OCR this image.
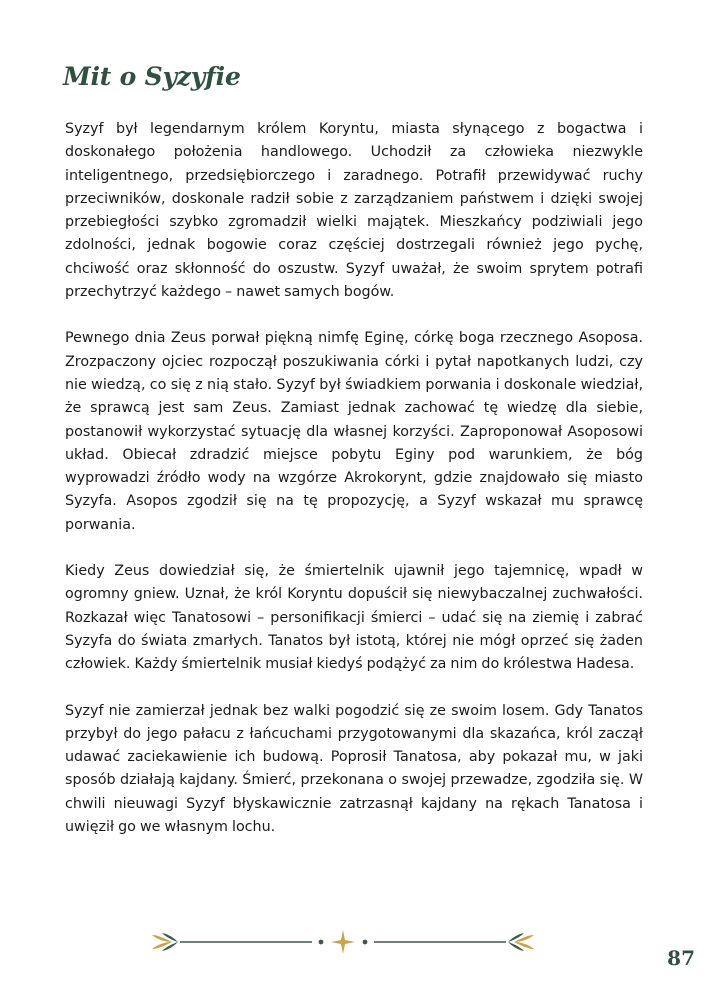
Mit o Syzyfie

Syzyf był legendarnym królem Koryntu, miasta słynącego z bogactwa i doskonałego położenia handlowego. Uchodził za człowieka niezwykle inteligentnego, przedsiębiorczego i zaradnego. Potrafił przewidywać ruchy przeciwników, doskonale radził sobie z zarządzaniem państwem i dzięki swojej przebiegłości szybko zgromadził wielki majątek. Mieszkańcy podziwiali jego zdolności, jednak bogowie coraz częściej dostrzegali również jego pychę, chciwość oraz skłonność do oszustw. Syzyf uważał, że swoim sprytem potrafi przechytrzyć każdego – nawet samych bogów.

Pewnego dnia Zeus porwał piękną nimfę Eginę, córkę boga rzecznego Asoposa. Zrozpaczony ojciec rozpoczął poszukiwania córki i pytał napotkanych ludzi, czy nie wiedzą, co się z nią stało. Syzyf był świadkiem porwania i doskonale wiedział, że sprawcą jest sam Zeus. Zamiast jednak zachować tę wiedzę dla siebie, postanowił wykorzystać sytuację dla własnej korzyści. Zaproponował Asoposowi układ. Obiecał zdradzić miejsce pobytu Eginy pod warunkiem, że bóg wyprowadzi źródło wody na wzgórze Akrokorynt, gdzie znajdowało się miasto Syzyfa. Asopos zgodził się na tę propozycję, a Syzyf wskazał mu sprawcę porwania.

Kiedy Zeus dowiedział się, że śmiertelnik ujawnił jego tajemnicę, wpadł w ogromny gniew. Uznał, że król Koryntu dopuścił się niewybaczalnej zuchwałości. Rozkazał więc Tanatosowi – personifikacji śmierci – udać się na ziemię i zabrać Syzyfa do świata zmarłych. Tanatos był istotą, której nie mógł oprzeć się żaden człowiek. Każdy śmiertelnik musiał kiedyś podążyć za nim do królestwa Hadesa.

Syzyf nie zamierzał jednak bez walki pogodzić się ze swoim losem. Gdy Tanatos przybył do jego pałacu z łańcuchami przygotowanymi dla skazańca, król zaczął udawać zaciekawienie ich budową. Poprosił Tanatosa, aby pokazał mu, w jaki sposób działają kajdany. Śmierć, przekonana o swojej przewadze, zgodziła się. W chwili nieuwagi Syzyf błyskawicznie zatrzasnął kajdany na rękach Tanatosa i uwięził go we własnym lochu.

87
